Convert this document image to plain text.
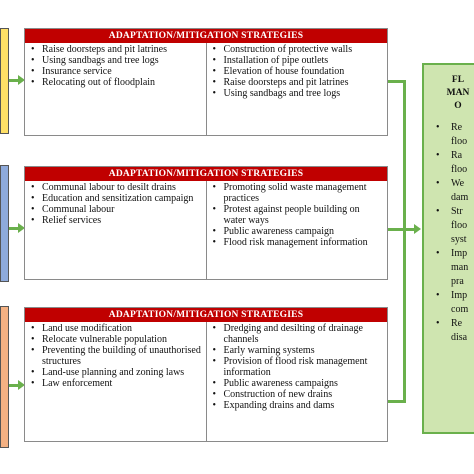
ADAPTATION/MITIGATION STRATEGIES
• Raise doorsteps and pit latrines
• Using sandbags and tree logs
• Insurance service
• Relocating out of floodplain
• Construction of protective walls
• Installation of pipe outlets
• Elevation of house foundation
• Raise doorsteps and pit latrines
• Using sandbags and tree logs
ADAPTATION/MITIGATION STRATEGIES
• Communal labour to desilt drains
• Education and sensitization campaign
• Communal labour
• Relief services
• Promoting solid waste management practices
• Protest against people building on water ways
• Public awareness campaign
• Flood risk management information
ADAPTATION/MITIGATION STRATEGIES
• Land use modification
• Relocate vulnerable population
• Preventing the building of unauthorised structures
• Land-use planning and zoning laws
• Law enforcement
• Dredging and desilting of drainage channels
• Early warning systems
• Provision of flood risk management information
• Public awareness campaigns
• Construction of new drains
• Expanding drains and dams
FL
MAN
O
• Re
floo
• Ra
floo
• We
dam
• Str
floo
syst
• Imp
man
pra
• Imp
com
• Re
disa
